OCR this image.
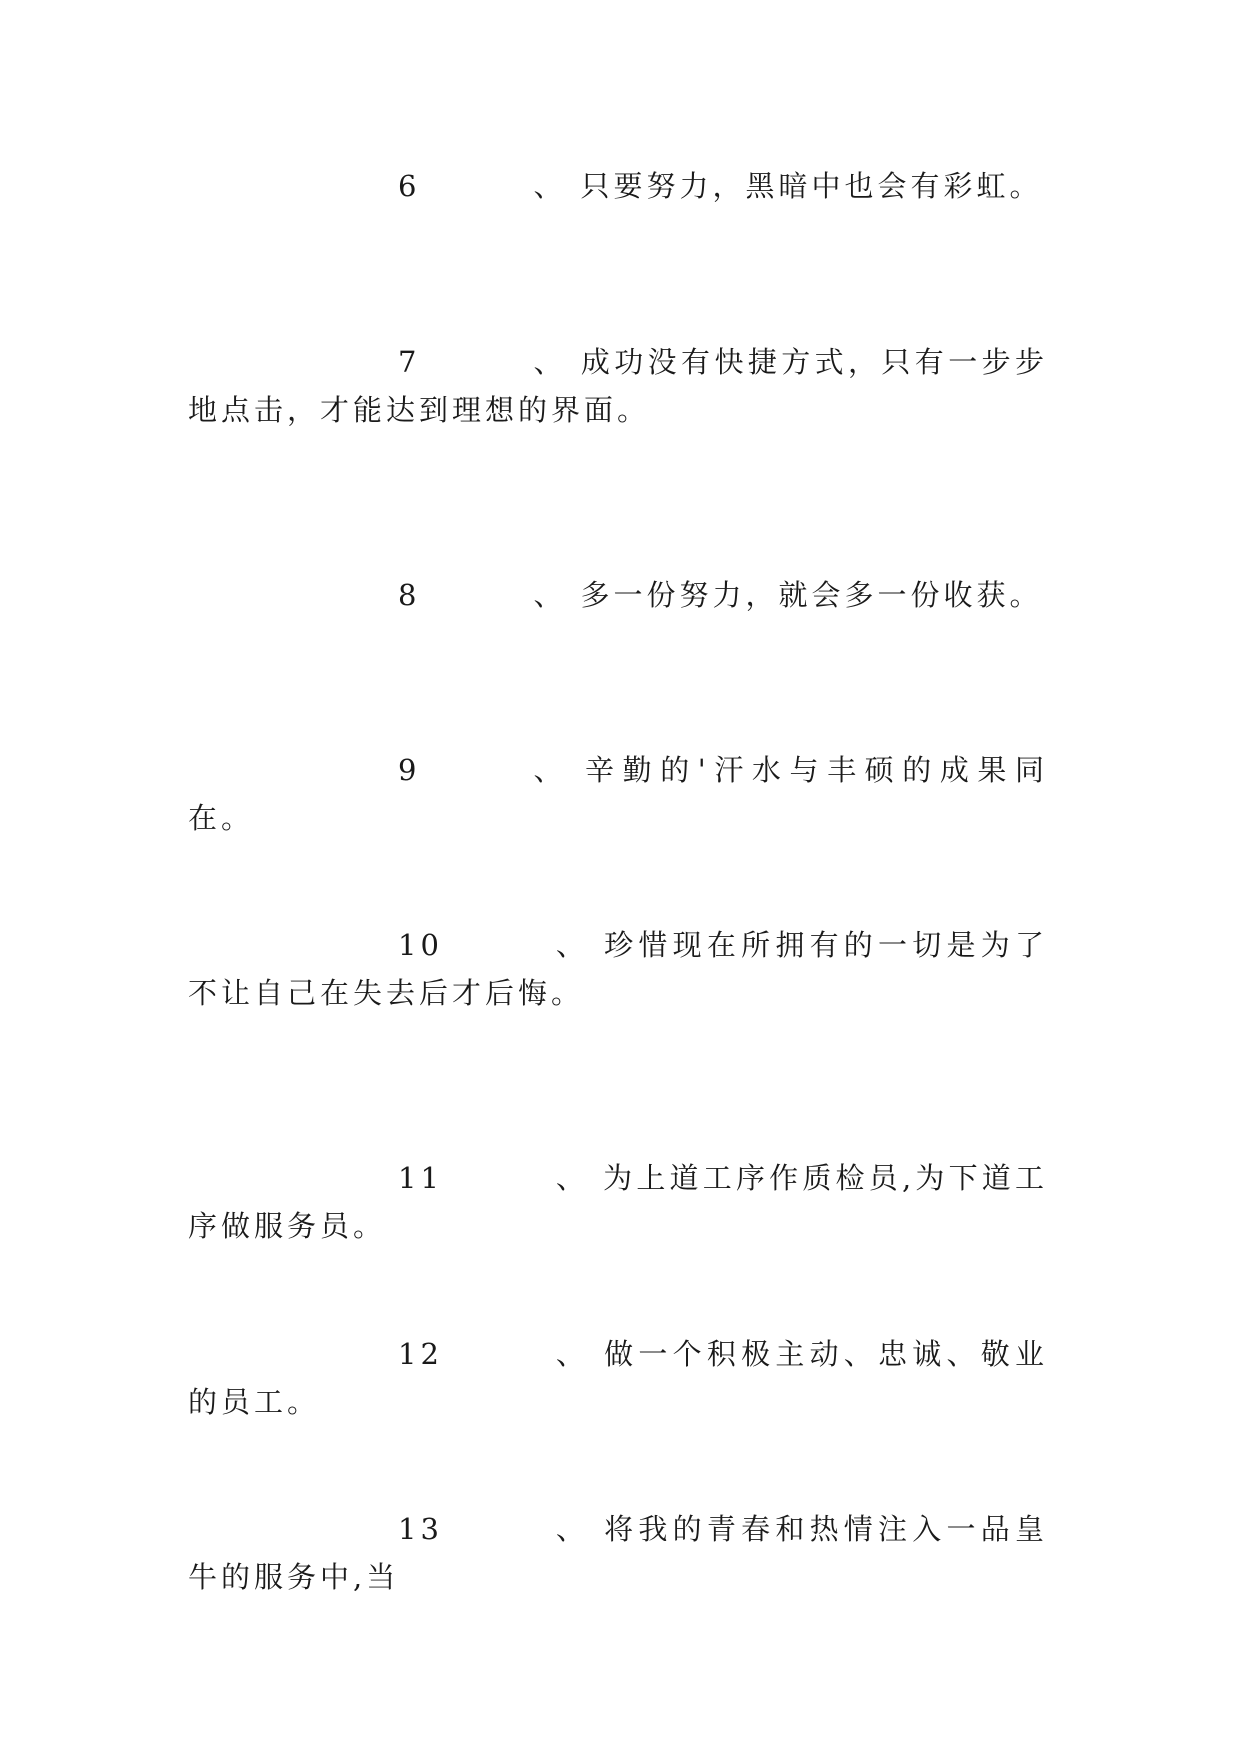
6	、 只要努力，黑暗中也会有彩虹。

7	、 成功没有快捷方式，只有一步步地点击，才能达到理想的界面。

8	、 多一份努力，就会多一份收获。

9	、 辛勤的'汗水与丰硕的成果同在。

10	、 珍惜现在所拥有的一切是为了不让自己在失去后才后悔。

11	、 为上道工序作质检员,为下道工序做服务员。

12	、 做一个积极主动、忠诚、敬业的员工。

13	、 将我的青春和热情注入一品皇牛的服务中,当
